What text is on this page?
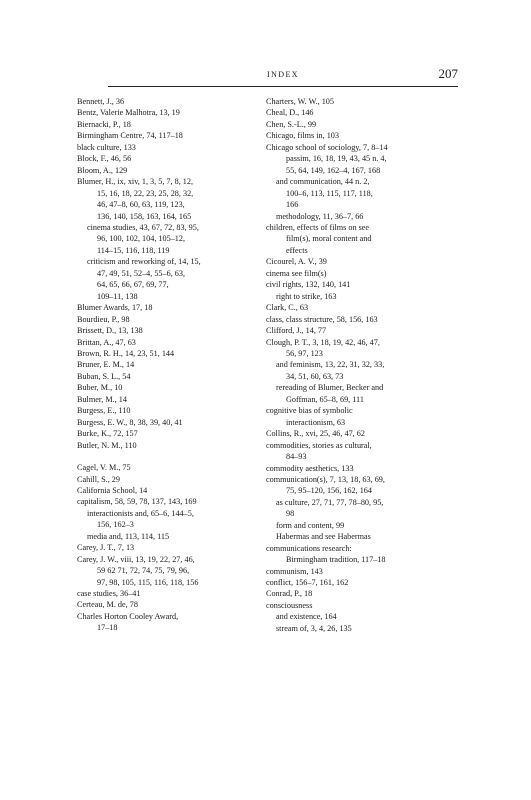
INDEX	207
Bennett, J., 36
Bentz, Valerie Malhotra, 13, 19
Biernacki, P., 18
Birmingham Centre, 74, 117–18
black culture, 133
Block, F., 46, 56
Bloom, A., 129
Blumer, H., ix, xiv, 1, 3, 5, 7, 8, 12,
15, 16, 18, 22, 23, 25, 28, 32,
46, 47–8, 60, 63, 119, 123,
136, 140, 158, 163, 164, 165
cinema studies, 43, 67, 72, 83, 95,
96, 100, 102, 104, 105–12,
114–15, 116, 118, 119
criticism and reworking of, 14, 15,
47, 49, 51, 52–4, 55–6, 63,
64, 65, 66, 67, 69, 77,
109–11, 138
Blumer Awards, 17, 18
Bourdieu, P., 98
Brissett, D., 13, 138
Brittan, A., 47, 63
Brown, R. H., 14, 23, 51, 144
Bruner, E. M., 14
Buban, S. L., 54
Buber, M., 10
Bulmer, M., 14
Burgess, E., 110
Burgess, E. W., 8, 38, 39, 40, 41
Burke, K., 72, 157
Butler, N. M., 110
Cagel, V. M., 75
Cahill, S., 29
California School, 14
capitalism, 58, 59, 78, 137, 143, 169
interactionists and, 65–6, 144–5,
156, 162–3
media and, 113, 114, 115
Carey, J. T., 7, 13
Carey, J. W., viii, 13, 19, 22, 27, 46,
59 62 71, 72, 74, 75, 79, 96,
97, 98, 105, 115, 116, 118, 156
case studies, 36–41
Certeau, M. de, 78
Charles Horton Cooley Award,
17–18
Charters, W. W., 105
Cheal, D., 146
Chen, S.-L., 99
Chicago, films in, 103
Chicago school of sociology, 7, 8–14
passim, 16, 18, 19, 43, 45 n. 4,
55, 64, 149, 162–4, 167, 168
and communication, 44 n. 2,
100–6, 113, 115, 117, 118,
166
methodology, 11, 36–7, 66
children, effects of films on see
film(s), moral content and
effects
Cicourel, A. V., 39
cinema see film(s)
civil rights, 132, 140, 141
right to strike, 163
Clark, C., 63
class, class structure, 58, 156, 163
Clifford, J., 14, 77
Clough, P. T., 3, 18, 19, 42, 46, 47,
56, 97, 123
and feminism, 13, 22, 31, 32, 33,
34, 51, 60, 63, 73
rereading of Blumer, Becker and
Goffman, 65–8, 69, 111
cognitive bias of symbolic
interactionism, 63
Collins, R., xvi, 25, 46, 47, 62
commodities, stories as cultural,
84–93
commodity aesthetics, 133
communication(s), 7, 13, 18, 63, 69,
75, 95–120, 156, 162, 164
as culture, 27, 71, 77, 78–80, 95,
98
form and content, 99
Habermas and see Habermas
communications research:
Birmingham tradition, 117–18
communism, 143
conflict, 156–7, 161, 162
Conrad, P., 18
consciousness
and existence, 164
stream of, 3, 4, 26, 135
